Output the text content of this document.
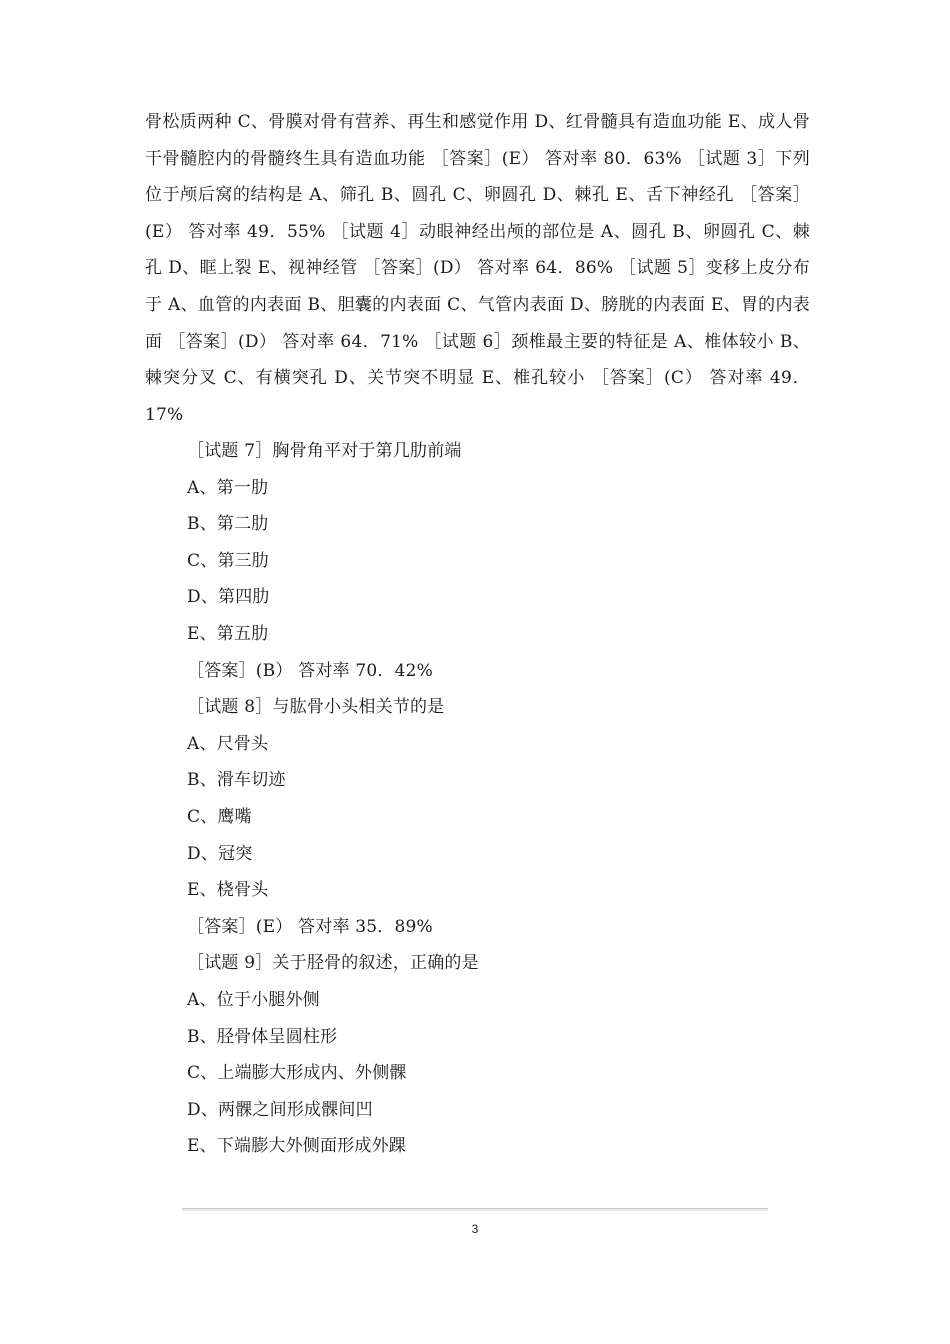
骨松质两种 C、骨膜对骨有营养、再生和感觉作用 D、红骨髓具有造血功能 E、成人骨干骨髓腔内的骨髓终生具有造血功能 ［答案］(E） 答对率 80．63% ［试题 3］下列位于颅后窝的结构是 A、筛孔 B、圆孔 C、卵圆孔 D、棘孔 E、舌下神经孔 ［答案］(E） 答对率 49．55% ［试题 4］动眼神经出颅的部位是 A、圆孔 B、卵圆孔 C、棘孔 D、眶上裂 E、视神经管 ［答案］(D） 答对率 64．86% ［试题 5］变移上皮分布于 A、血管的内表面 B、胆囊的内表面 C、气管内表面 D、膀胱的内表面 E、胃的内表面 ［答案］(D） 答对率 64．71% ［试题 6］颈椎最主要的特征是 A、椎体较小 B、棘突分叉 C、有横突孔 D、关节突不明显 E、椎孔较小 ［答案］(C） 答对率 49．17%

［试题 7］胸骨角平对于第几肋前端
A、第一肋
B、第二肋
C、第三肋
D、第四肋
E、第五肋
［答案］(B） 答对率 70．42%
［试题 8］与肱骨小头相关节的是
A、尺骨头
B、滑车切迹
C、鹰嘴
D、冠突
E、桡骨头
［答案］(E） 答对率 35．89%
［试题 9］关于胫骨的叙述，正确的是
A、位于小腿外侧
B、胫骨体呈圆柱形
C、上端膨大形成内、外侧髁
D、两髁之间形成髁间凹
E、下端膨大外侧面形成外踝
3
